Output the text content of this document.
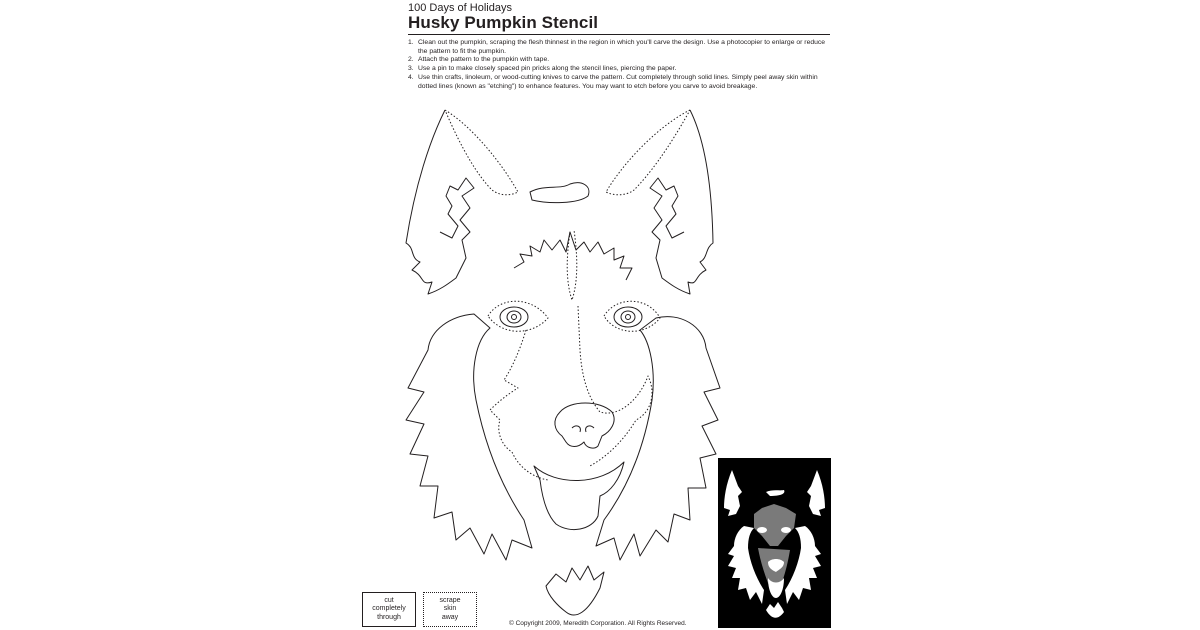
100 Days of Holidays
Husky Pumpkin Stencil
1. Clean out the pumpkin, scraping the flesh thinnest in the region in which you'll carve the design. Use a photocopier to enlarge or reduce the pattern to fit the pumpkin.
2. Attach the pattern to the pumpkin with tape.
3. Use a pin to make closely spaced pin pricks along the stencil lines, piercing the paper.
4. Use thin crafts, linoleum, or wood-cutting knives to carve the pattern. Cut completely through solid lines. Simply peel away skin within dotted lines (known as "etching") to enhance features. You may want to etch before you carve to avoid breakage.
cut
completely
through
scrape
skin
away
© Copyright 2009, Meredith Corporation. All Rights Reserved.
